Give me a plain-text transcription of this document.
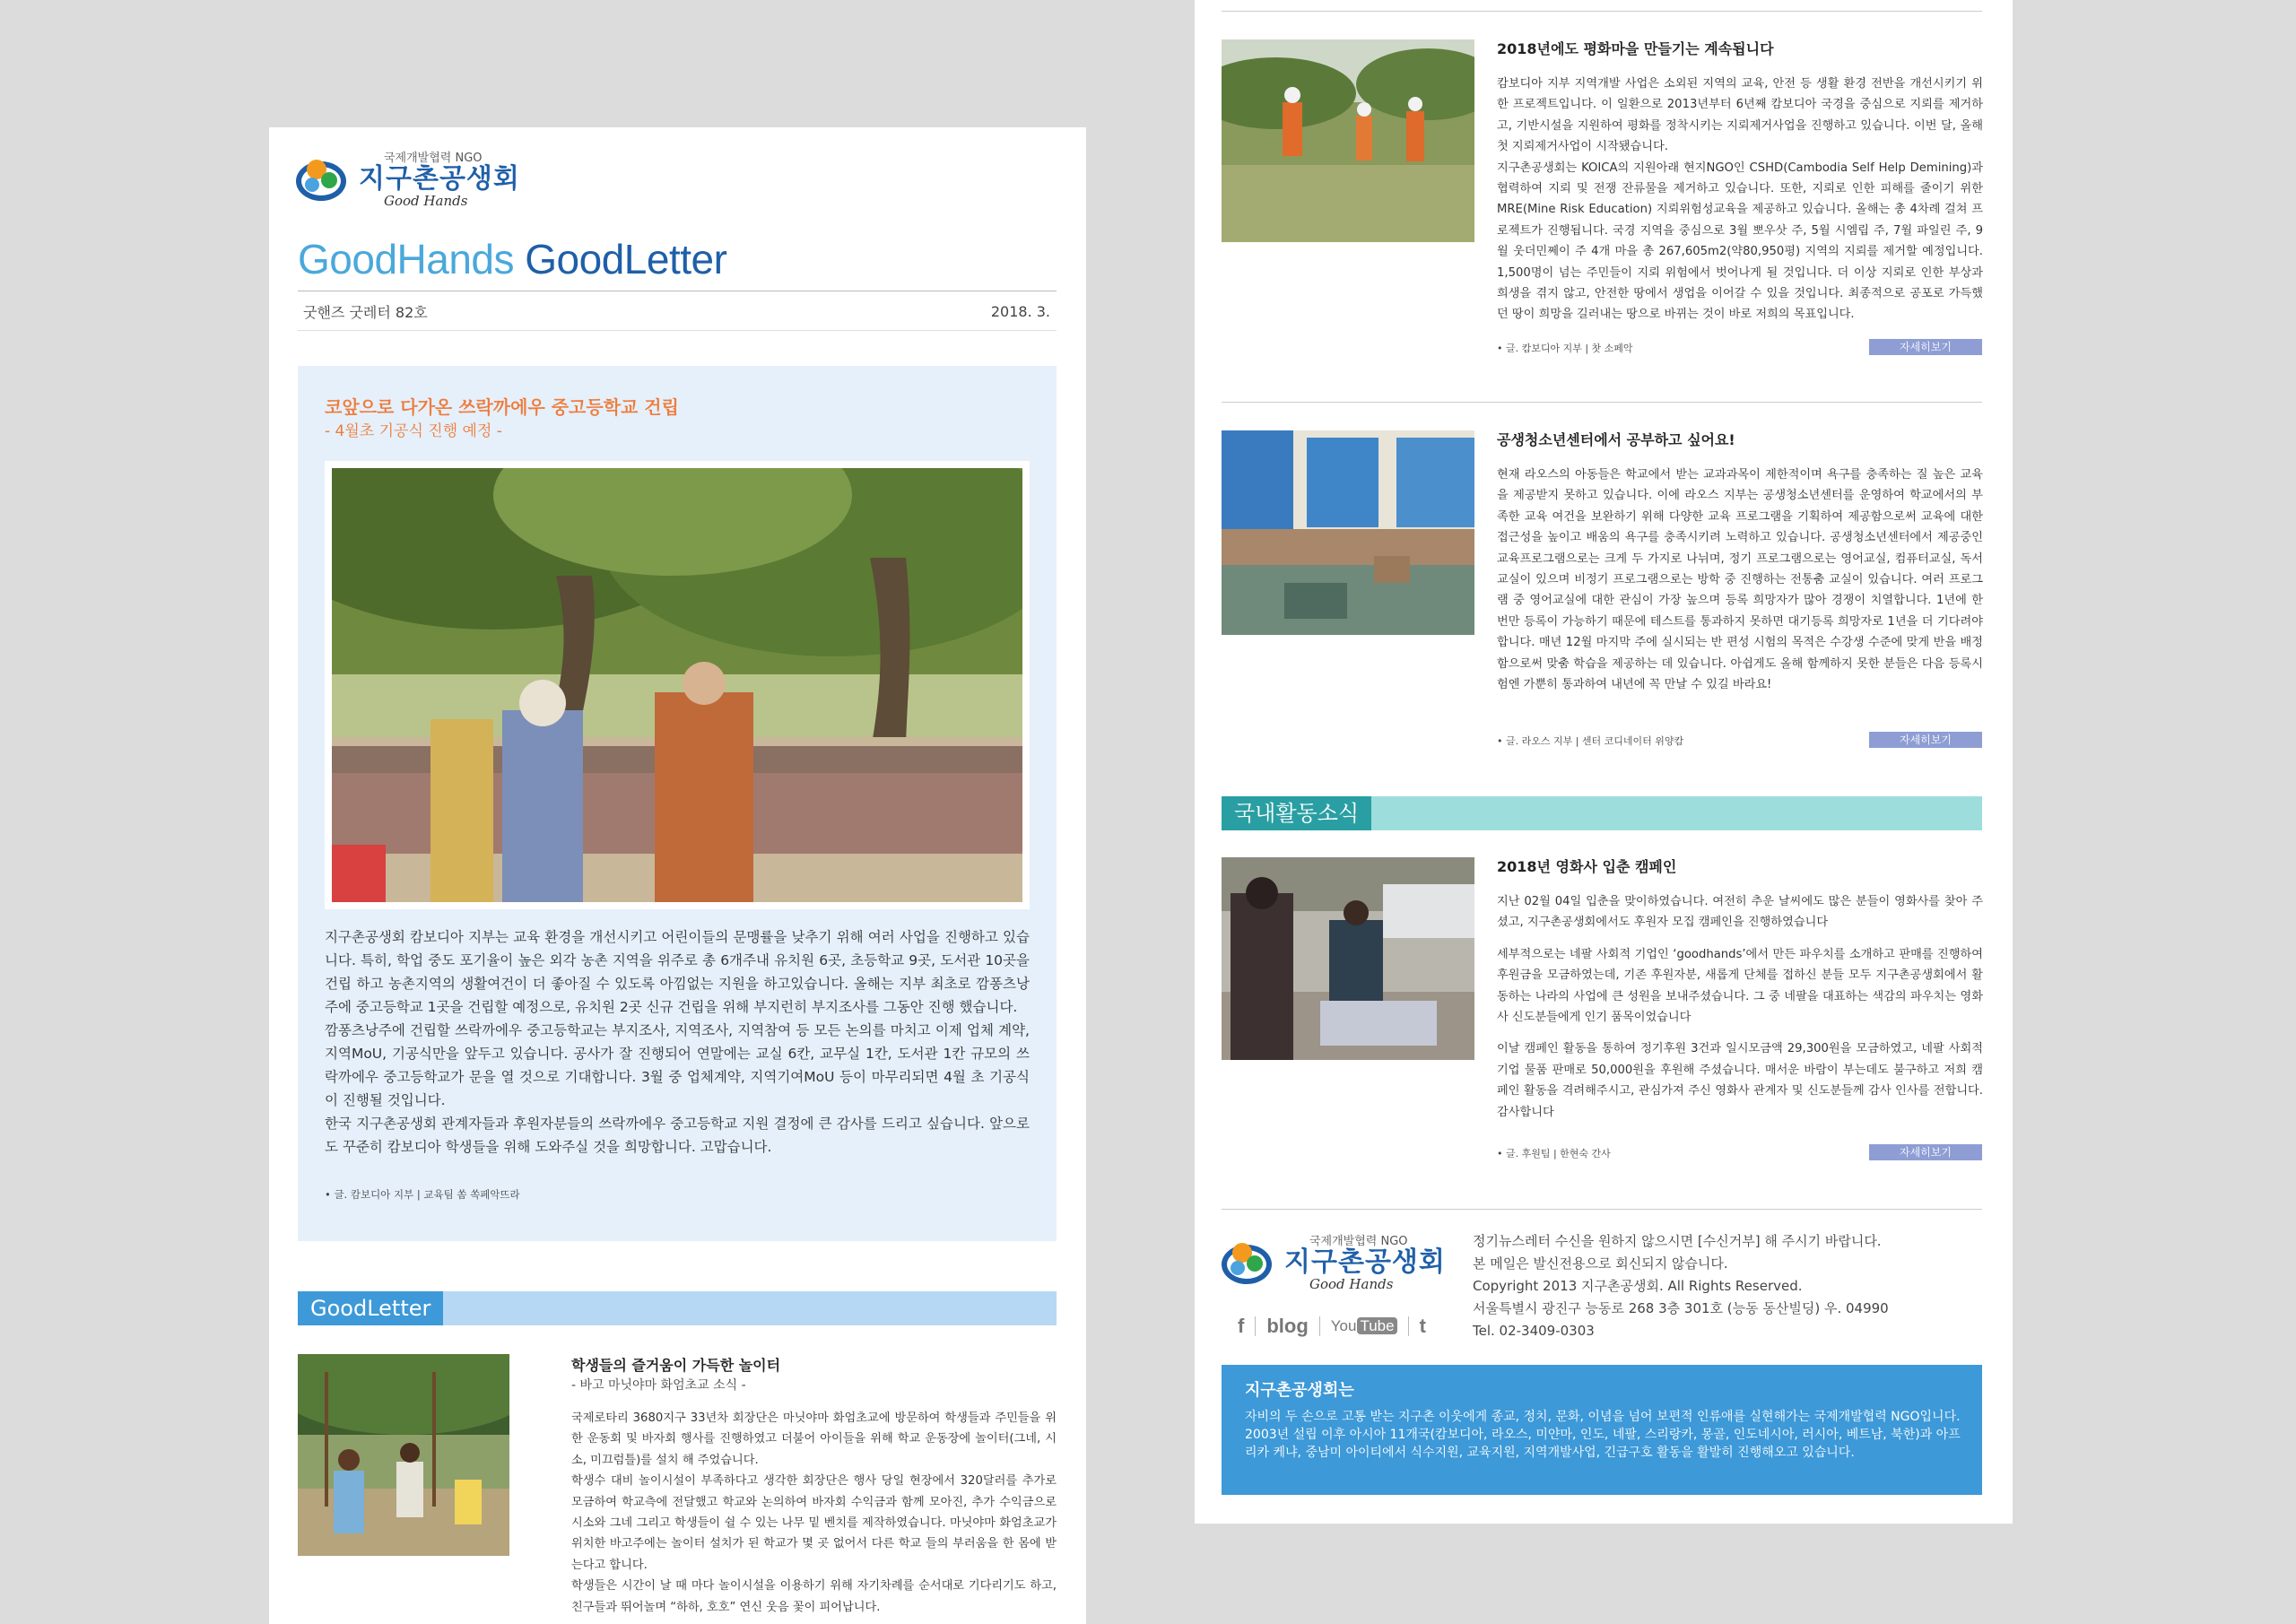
국제개발협력 NGO
지구촌공생회
Good Hands
GoodHands GoodLetter
굿핸즈 굿레터 82호	2018. 3.
코앞으로 다가온 쓰락까에우 중고등학교 건립
- 4월초 기공식 진행 예정 -

지구촌공생회 캄보디아 지부는 교육 환경을 개선시키고 어린이들의 문맹률을 낮추기 위해 여러 사업을 진행하고 있습니다. 특히, 학업 중도 포기율이 높은 외각 농촌 지역을 위주로 총 6개주내 유치원 6곳, 초등학교 9곳, 도서관 10곳을 건립 하고 농촌지역의 생활여건이 더 좋아질 수 있도록 아낌없는 지원을 하고있습니다. 올해는 지부 최초로 깜퐁츠낭주에 중고등학교 1곳을 건립할 예정으로, 유치원 2곳 신규 건립을 위해 부지런히 부지조사를 그동안 진행 했습니다.

깜퐁츠낭주에 건립할 쓰락까에우 중고등학교는 부지조사, 지역조사, 지역참여 등 모든 논의를 마치고 이제 업체 계약, 지역MoU, 기공식만을 앞두고 있습니다. 공사가 잘 진행되어 연말에는 교실 6칸, 교무실 1칸, 도서관 1칸 규모의 쓰락까에우 중고등학교가 문을 열 것으로 기대합니다. 3월 중 업체계약, 지역기여MoU 등이 마무리되면 4월 초 기공식이 진행될 것입니다.

한국 지구촌공생회 관계자들과 후원자분들의 쓰락까에우 중고등학교 지원 결정에 큰 감사를 드리고 싶습니다. 앞으로도 꾸준히 캄보디아 학생들을 위해 도와주실 것을 희망합니다. 고맙습니다.

• 글. 캄보디아 지부 | 교육팀 쏨 쏙페악뜨라
GoodLetter
학생들의 즐거움이 가득한 놀이터
- 바고 마닛야마 화엄초교 소식 -

국제로타리 3680지구 33년차 회장단은 마닛야마 화엄초교에 방문하여 학생들과 주민들을 위한 운동회 및 바자회 행사를 진행하였고 더불어 아이들을 위해 학교 운동장에 놀이터(그네, 시소, 미끄럼틀)를 설치 해 주었습니다.

학생수 대비 놀이시설이 부족하다고 생각한 회장단은 행사 당일 현장에서 320달러를 추가로 모금하여 학교측에 전달했고 학교와 논의하여 바자회 수익금과 함께 모아진, 추가 수익금으로 시소와 그네 그리고 학생들이 쉴 수 있는 나무 밑 벤치를 제작하였습니다. 마닛야마 화엄초교가 위치한 바고주에는 놀이터 설치가 된 학교가 몇 곳 없어서 다른 학교 들의 부러움을 한 몸에 받는다고 합니다.

학생들은 시간이 날 때 마다 놀이시설을 이용하기 위해 자기차례를 순서대로 기다리기도 하고, 친구들과 뛰어놀며 “하하, 호호” 연신 웃음 꽃이 피어납니다.

2018년에도 평화마을 만들기는 계속됩니다

캄보디아 지부 지역개발 사업은 소외된 지역의 교육, 안전 등 생활 환경 전반을 개선시키기 위한 프로젝트입니다. 이 일환으로 2013년부터 6년째 캄보디아 국경을 중심으로 지뢰를 제거하고, 기반시설을 지원하여 평화를 정착시키는 지뢰제거사업을 진행하고 있습니다. 이번 달, 올해 첫 지뢰제거사업이 시작됐습니다.

지구촌공생회는 KOICA의 지원아래 현지NGO인 CSHD(Cambodia Self Help Demining)과 협력하여 지뢰 및 전쟁 잔류물을 제거하고 있습니다. 또한, 지뢰로 인한 피해를 줄이기 위한 MRE(Mine Risk Education) 지뢰위험성교육을 제공하고 있습니다. 올해는 총 4차례 걸쳐 프로젝트가 진행됩니다. 국경 지역을 중심으로 3월 뽀우삿 주, 5월 시엠립 주, 7월 파일린 주, 9월 웃더민쩨이 주 4개 마을 총 267,605m2(약80,950평) 지역의 지뢰를 제거할 예정입니다. 1,500명이 넘는 주민들이 지뢰 위험에서 벗어나게 될 것입니다. 더 이상 지뢰로 인한 부상과 희생을 겪지 않고, 안전한 땅에서 생업을 이어갈 수 있을 것입니다. 최종적으로 공포로 가득했던 땅이 희망을 길러내는 땅으로 바뀌는 것이 바로 저희의 목표입니다.

• 글. 캄보디아 지부 | 찻 소페악	자세히보기
공생청소년센터에서 공부하고 싶어요!

현재 라오스의 아동들은 학교에서 받는 교과과목이 제한적이며 욕구를 충족하는 질 높은 교육을 제공받지 못하고 있습니다. 이에 라오스 지부는 공생청소년센터를 운영하여 학교에서의 부족한 교육 여건을 보완하기 위해 다양한 교육 프로그램을 기획하여 제공함으로써 교육에 대한 접근성을 높이고 배움의 욕구를 충족시키려 노력하고 있습니다. 공생청소년센터에서 제공중인 교육프로그램으로는 크게 두 가지로 나뉘며, 정기 프로그램으로는 영어교실, 컴퓨터교실, 독서교실이 있으며 비정기 프로그램으로는 방학 중 진행하는 전통춤 교실이 있습니다. 여러 프로그램 중 영어교실에 대한 관심이 가장 높으며 등록 희망자가 많아 경쟁이 치열합니다. 1년에 한 번만 등록이 가능하기 때문에 테스트를 통과하지 못하면 대기등록 희망자로 1년을 더 기다려야 합니다. 매년 12월 마지막 주에 실시되는 반 편성 시험의 목적은 수강생 수준에 맞게 반을 배정함으로써 맞춤 학습을 제공하는 데 있습니다. 아쉽게도 올해 함께하지 못한 분들은 다음 등록시험엔 가뿐히 통과하여 내년에 꼭 만날 수 있길 바라요!

• 글. 라오스 지부 | 센터 코디네이터 위양캄	자세히보기
국내활동소식
2018년 영화사 입춘 캠페인

지난 02월 04일 입춘을 맞이하였습니다. 여전히 추운 날씨에도 많은 분들이 영화사를 찾아 주셨고, 지구촌공생회에서도 후원자 모집 캠페인을 진행하였습니다

세부적으로는 네팔 사회적 기업인 ‘goodhands’에서 만든 파우치를 소개하고 판매를 진행하여 후원금을 모금하였는데, 기존 후원자분, 새롭게 단체를 접하신 분들 모두 지구촌공생회에서 활동하는 나라의 사업에 큰 성원을 보내주셨습니다. 그 중 네팔을 대표하는 색감의 파우치는 영화사 신도분들에게 인기 품목이었습니다

이날 캠페인 활동을 통하여 정기후원 3건과 일시모금액 29,300원을 모금하였고, 네팔 사회적기업 물품 판매로 50,000원을 후원해 주셨습니다. 매서운 바람이 부는데도 불구하고 저희 캠페인 활동을 격려해주시고, 관심가져 주신 영화사 관계자 및 신도분들께 감사 인사를 전합니다. 감사합니다

• 글. 후원팀 | 한현숙 간사	자세히보기
국제개발협력 NGO
지구촌공생회
Good Hands
f blog You Tube t
정기뉴스레터 수신을 원하지 않으시면 [수신거부] 해 주시기 바랍니다.
본 메일은 발신전용으로 회신되지 않습니다.
Copyright 2013 지구촌공생회. All Rights Reserved.
서울특별시 광진구 능동로 268 3층 301호 (능동 동산빌딩) 우. 04990
Tel. 02-3409-0303
지구촌공생회는
자비의 두 손으로 고통 받는 지구촌 이웃에게 종교, 정치, 문화, 이념을 넘어 보편적 인류애를 실현해가는 국제개발협력 NGO입니다. 2003년 설립 이후 아시아 11개국(캄보디아, 라오스, 미얀마, 인도, 네팔, 스리랑카, 몽골, 인도네시아, 러시아, 베트남, 북한)과 아프리카 케냐, 중남미 아이티에서 식수지원, 교육지원, 지역개발사업, 긴급구호 활동을 활발히 진행해오고 있습니다.
